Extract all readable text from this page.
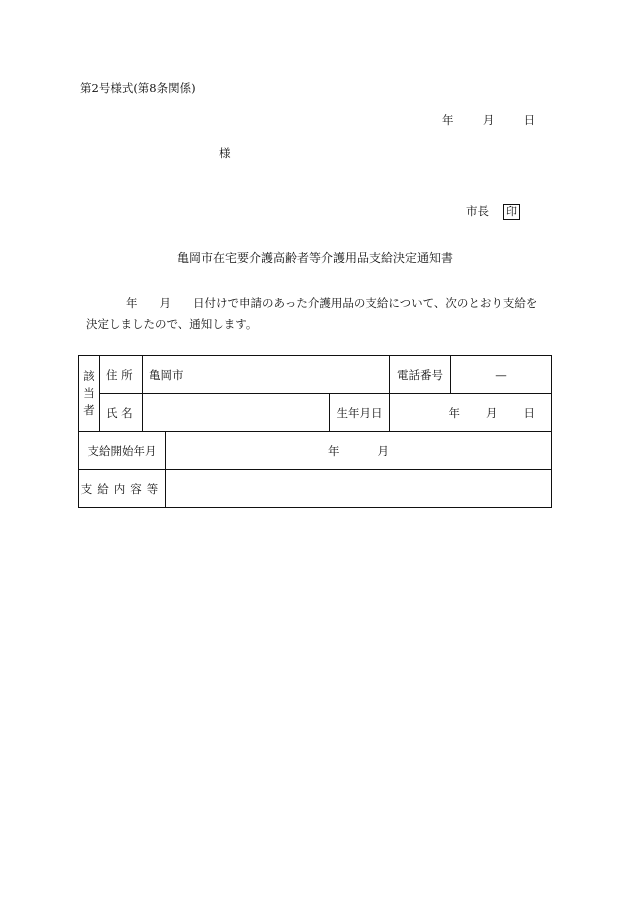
第2号様式(第8条関係)
年	月	日
様
市長 印
亀岡市在宅要介護高齢者等介護用品支給決定通知書
年 月 日付けで申請のあった介護用品の支給について、次のとおり支給を
決定しましたので、通知します。
該
当
者	住 所	亀岡市			電話番号	—
	氏 名			生年月日	年 月 日	
支給開始年月			年 月			
支給内容等						
